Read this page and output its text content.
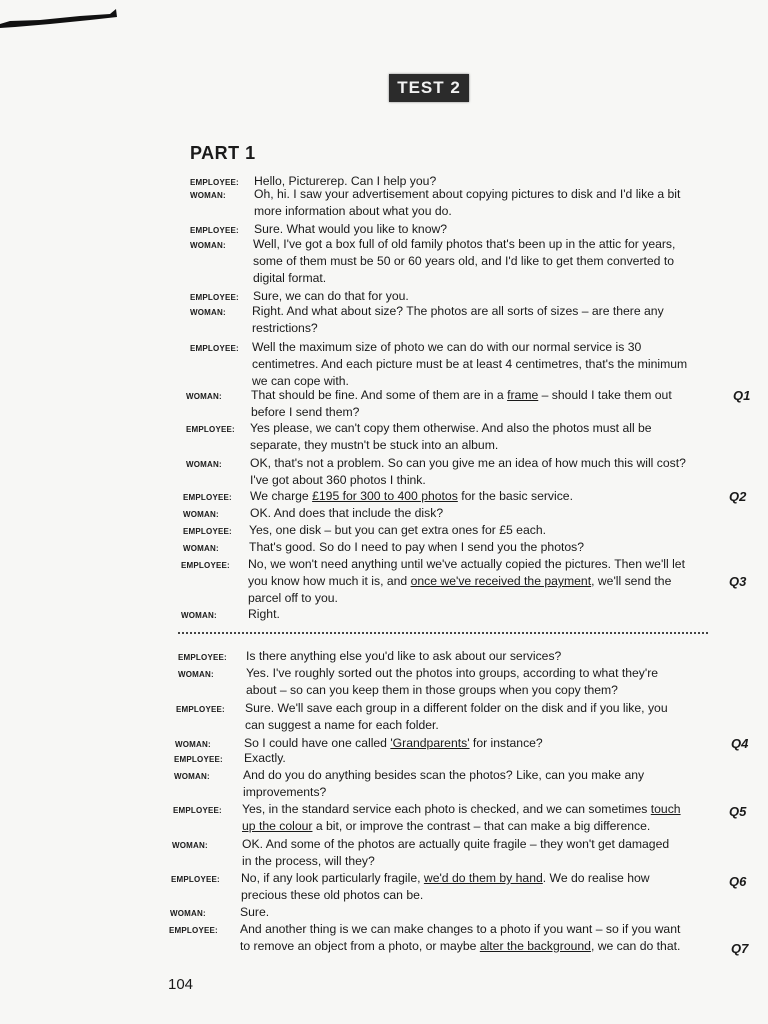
TEST 2
PART 1
EMPLOYEE: Hello, Picturerep. Can I help you?
WOMAN: Oh, hi. I saw your advertisement about copying pictures to disk and I'd like a bit
more information about what you do.
EMPLOYEE: Sure. What would you like to know?
WOMAN: Well, I've got a box full of old family photos that's been up in the attic for years,
some of them must be 50 or 60 years old, and I'd like to get them converted to
digital format.
EMPLOYEE: Sure, we can do that for you.
WOMAN: Right. And what about size? The photos are all sorts of sizes – are there any
restrictions?
EMPLOYEE: Well the maximum size of photo we can do with our normal service is 30
centimetres. And each picture must be at least 4 centimetres, that's the minimum
we can cope with.
WOMAN: That should be fine. And some of them are in a frame – should I take them out
before I send them?
EMPLOYEE: Yes please, we can't copy them otherwise. And also the photos must all be
separate, they mustn't be stuck into an album.
WOMAN: OK, that's not a problem. So can you give me an idea of how much this will cost?
I've got about 360 photos I think.
EMPLOYEE: We charge £195 for 300 to 400 photos for the basic service.
WOMAN:	OK. And does that include the disk?
EMPLOYEE: Yes, one disk – but you can get extra ones for £5 each.
WOMAN: That's good. So do I need to pay when I send you the photos?
EMPLOYEE: No, we won't need anything until we've actually copied the pictures. Then we'll let
you know how much it is, and once we've received the payment, we'll send the
parcel off to you.
WOMAN:	Right.
EMPLOYEE: Is there anything else you'd like to ask about our services?
WOMAN:	Yes. I've roughly sorted out the photos into groups, according to what they're
about – so can you keep them in those groups when you copy them?
EMPLOYEE: Sure. We'll save each group in a different folder on the disk and if you like, you
can suggest a name for each folder.
WOMAN:	So I could have one called 'Grandparents' for instance?
EMPLOYEE: Exactly.
WOMAN:	And do you do anything besides scan the photos? Like, can you make any
improvements?
EMPLOYEE: Yes, in the standard service each photo is checked, and we can sometimes touch
up the colour a bit, or improve the contrast – that can make a big difference.
WOMAN:	OK. And some of the photos are actually quite fragile – they won't get damaged
in the process, will they?
EMPLOYEE: No, if any look particularly fragile, we'd do them by hand. We do realise how
precious these old photos can be.
WOMAN:	Sure.
EMPLOYEE: And another thing is we can make changes to a photo if you want – so if you want
to remove an object from a photo, or maybe alter the background, we can do that.
Q1
Q2
Q3
Q4
Q5
Q6
Q7
104
